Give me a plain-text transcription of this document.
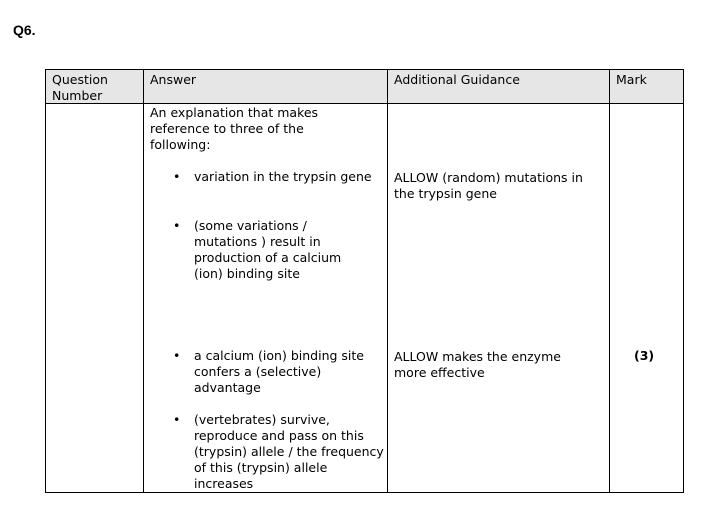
Q6.
Question Number
Answer	Additional Guidance	Mark
An explanation that makes reference to three of the following:
• variation in the trypsin gene
• (some variations / mutations ) result in production of a calcium (ion) binding site
• a calcium (ion) binding site confers a (selective) advantage
• (vertebrates) survive, reproduce and pass on this (trypsin) allele / the frequency of this (trypsin) allele increases
ALLOW (random) mutations in the trypsin gene
ALLOW makes the enzyme more effective
(3)
